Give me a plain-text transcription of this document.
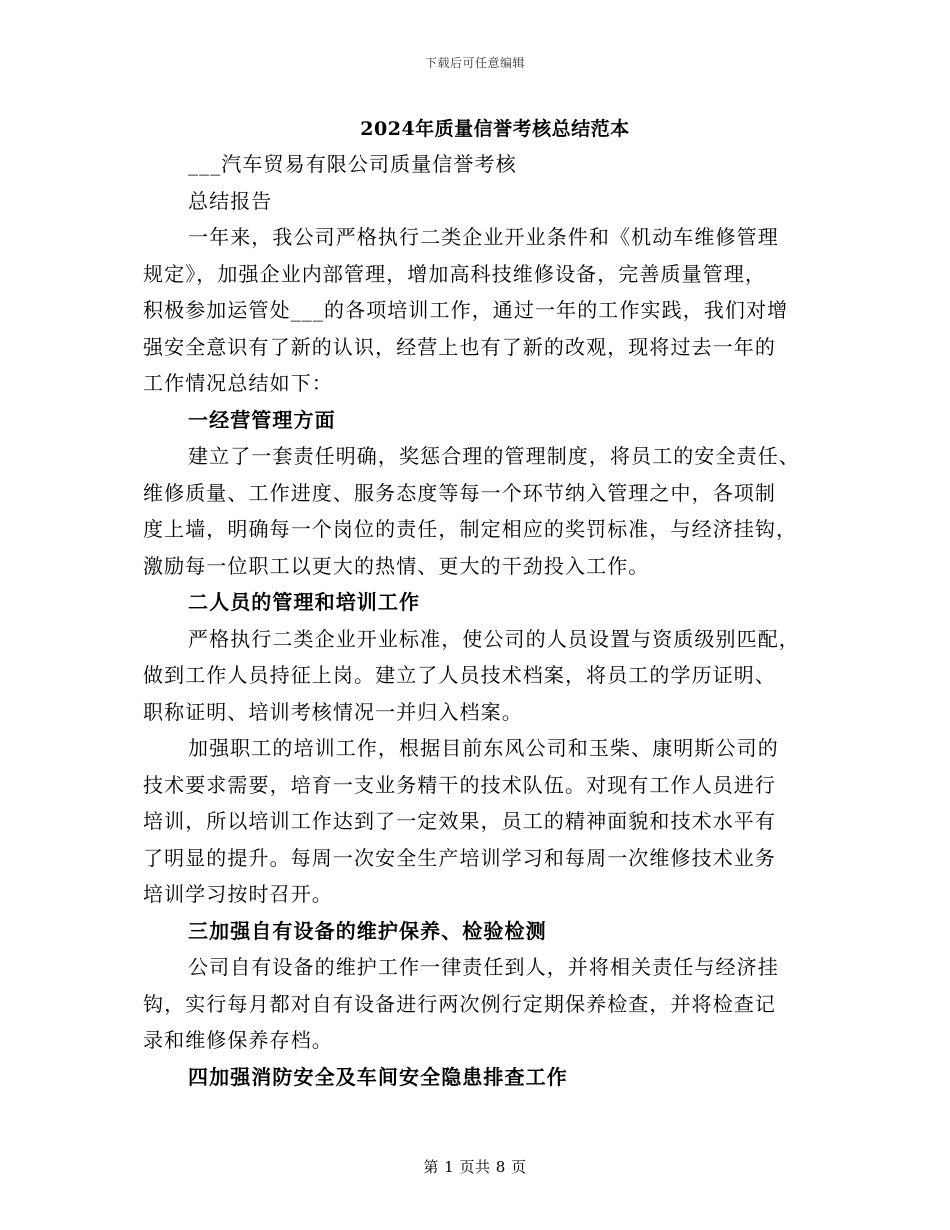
下载后可任意编辑
2024年质量信誉考核总结范本

___汽车贸易有限公司质量信誉考核

总结报告

一年来，我公司严格执行二类企业开业条件和《机动车维修管理
规定》，加强企业内部管理，增加高科技维修设备，完善质量管理，
积极参加运管处___的各项培训工作，通过一年的工作实践，我们对增
强安全意识有了新的认识，经营上也有了新的改观，现将过去一年的
工作情况总结如下：

一经营管理方面

建立了一套责任明确，奖惩合理的管理制度，将员工的安全责任、
维修质量、工作进度、服务态度等每一个环节纳入管理之中，各项制
度上墙，明确每一个岗位的责任，制定相应的奖罚标准，与经济挂钩，
激励每一位职工以更大的热情、更大的干劲投入工作。

二人员的管理和培训工作

严格执行二类企业开业标准，使公司的人员设置与资质级别匹配，
做到工作人员持征上岗。建立了人员技术档案，将员工的学历证明、
职称证明、培训考核情况一并归入档案。

加强职工的培训工作，根据目前东风公司和玉柴、康明斯公司的
技术要求需要，培育一支业务精干的技术队伍。对现有工作人员进行
培训，所以培训工作达到了一定效果，员工的精神面貌和技术水平有
了明显的提升。每周一次安全生产培训学习和每周一次维修技术业务
培训学习按时召开。

三加强自有设备的维护保养、检验检测

公司自有设备的维护工作一律责任到人，并将相关责任与经济挂
钩，实行每月都对自有设备进行两次例行定期保养检查，并将检查记
录和维修保养存档。

四加强消防安全及车间安全隐患排查工作

第 1 页共 8 页
